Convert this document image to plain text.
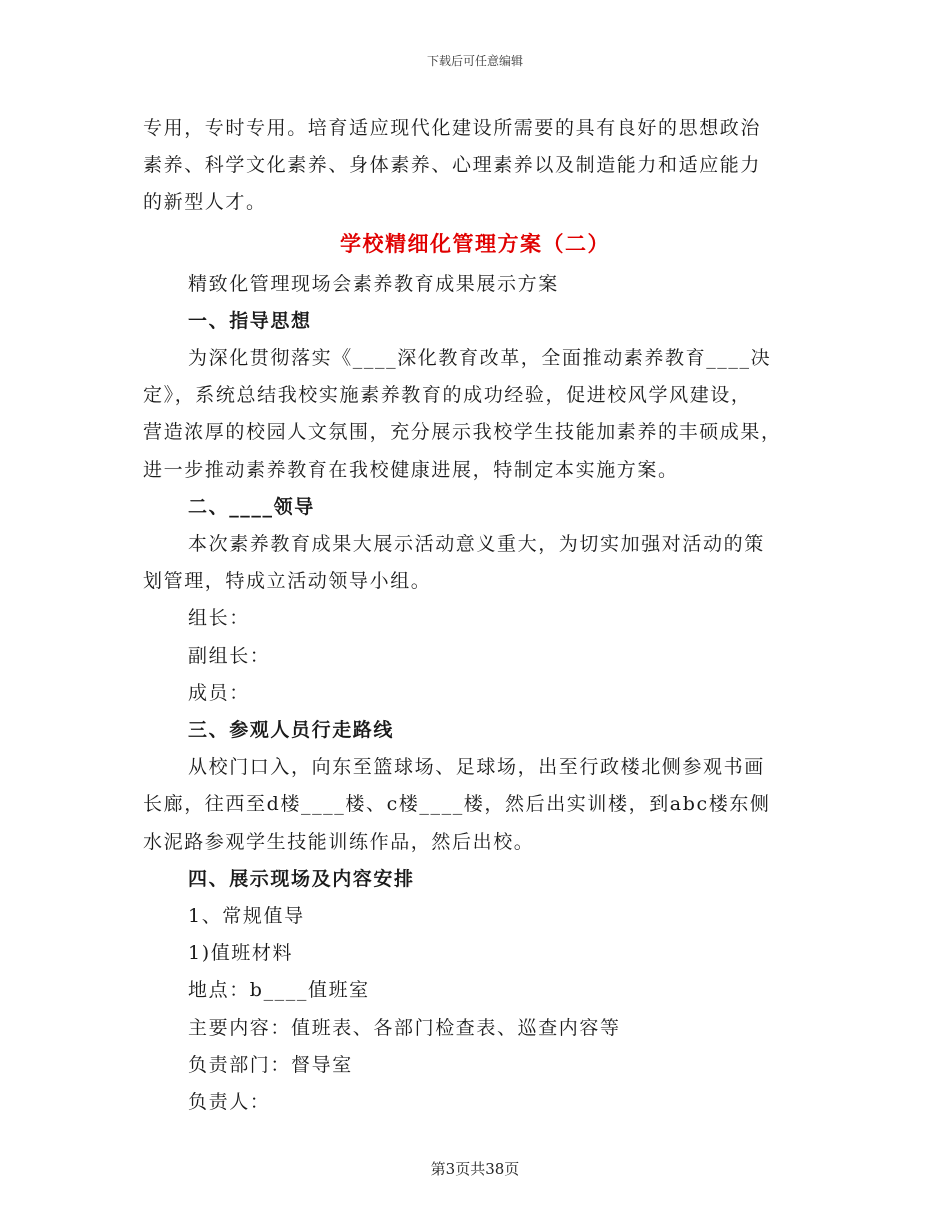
下载后可任意编辑

专用，专时专用。培育适应现代化建设所需要的具有良好的思想政治

素养、科学文化素养、身体素养、心理素养以及制造能力和适应能力

的新型人才。

学校精细化管理方案（二）

精致化管理现场会素养教育成果展示方案

一、指导思想

为深化贯彻落实《____深化教育改革，全面推动素养教育____决

定》，系统总结我校实施素养教育的成功经验，促进校风学风建设，

营造浓厚的校园人文氛围，充分展示我校学生技能加素养的丰硕成果，

进一步推动素养教育在我校健康进展，特制定本实施方案。

二、____领导

本次素养教育成果大展示活动意义重大，为切实加强对活动的策

划管理，特成立活动领导小组。

组长：

副组长：

成员：

三、参观人员行走路线

从校门口入，向东至篮球场、足球场，出至行政楼北侧参观书画

长廊，往西至d楼____楼、c楼____楼，然后出实训楼，到abc楼东侧

水泥路参观学生技能训练作品，然后出校。

四、展示现场及内容安排

1、常规值导

1)值班材料

地点：b____值班室

主要内容：值班表、各部门检查表、巡查内容等

负责部门：督导室

负责人：

第3页共38页
